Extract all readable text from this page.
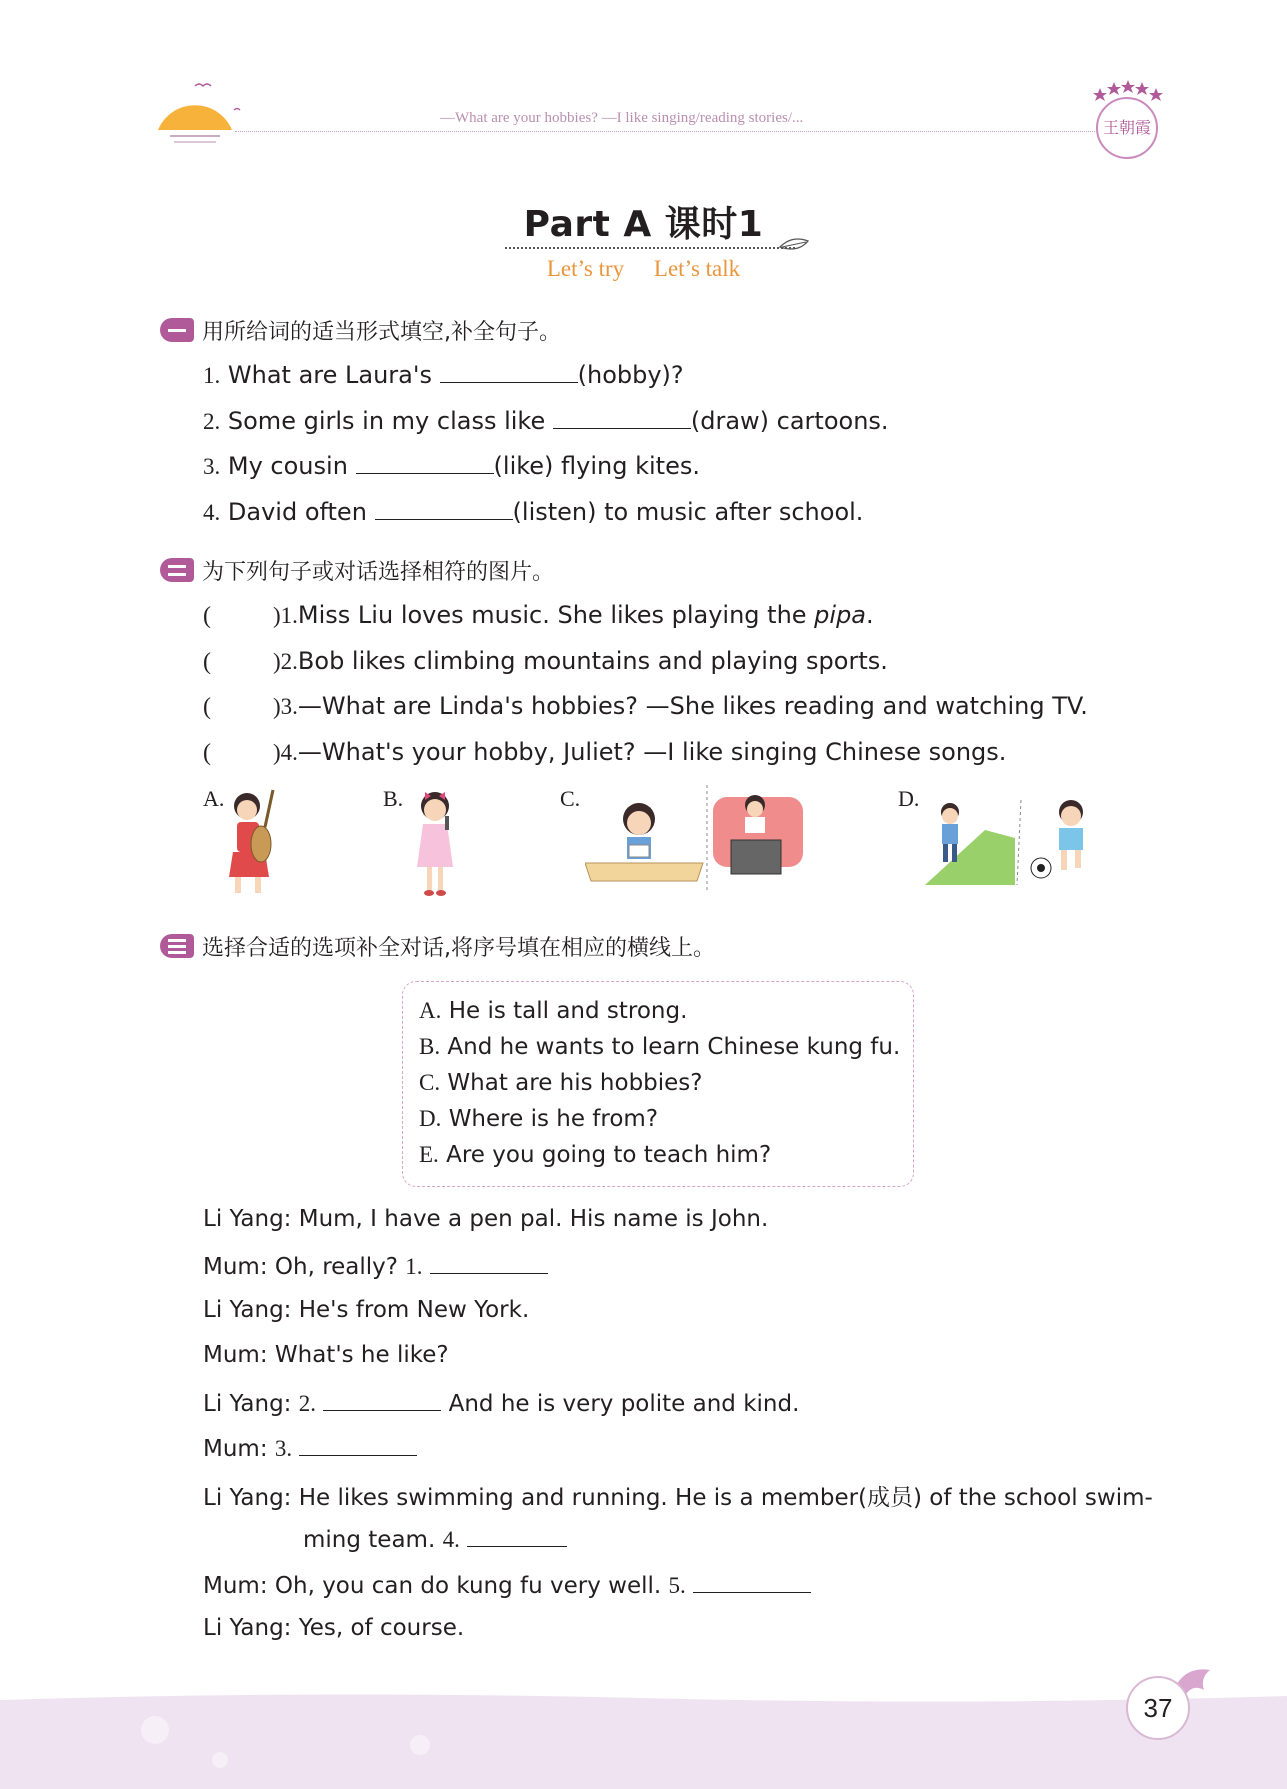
—What are your hobbies? —I like singing/reading stories/...	王朝霞
Part A 课时1
Let’s try Let’s talk
用所给词的适当形式填空,补全句子。
1. What are Laura's	(hobby)?
2. Some girls in my class like	(draw) cartoons.
3. My cousin	(like) flying kites.
4. David often	(listen) to music after school.
为下列句子或对话选择相符的图片。
(	)1.Miss Liu loves music. She likes playing the pipa.
(	)2.Bob likes climbing mountains and playing sports.
(	)3.—What are Linda's hobbies? —She likes reading and watching TV.
(	)4.—What's your hobby, Juliet? —I like singing Chinese songs.
A.	B.	C.	D.
选择合适的选项补全对话,将序号填在相应的横线上。
A. He is tall and strong.
B. And he wants to learn Chinese kung fu.
C. What are his hobbies?
D. Where is he from?
E. Are you going to teach him?
Li Yang: Mum, I have a pen pal. His name is John.
Mum: Oh, really? 1.
Li Yang: He's from New York.
Mum: What's he like?
Li Yang: 2.	And he is very polite and kind.
Mum: 3.
Li Yang: He likes swimming and running. He is a member(成员) of the school swim-
ming team. 4.
Mum: Oh, you can do kung fu very well. 5.
Li Yang: Yes, of course.
37
